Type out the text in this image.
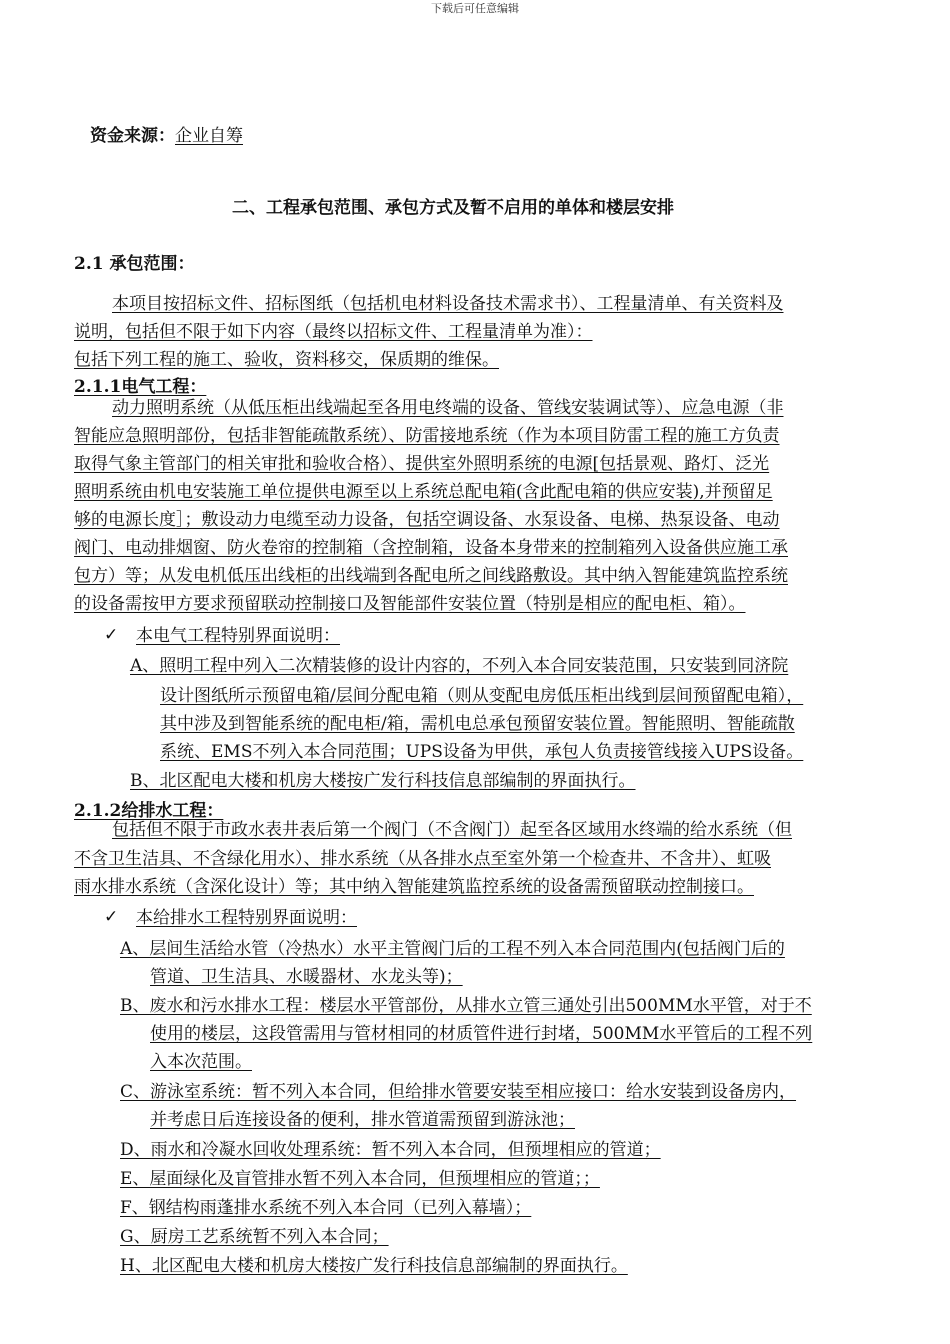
下载后可任意编辑
资金来源：企业自筹
二、工程承包范围、承包方式及暂不启用的单体和楼层安排
2.1 承包范围：
本项目按招标文件、招标图纸（包括机电材料设备技术需求书）、工程量清单、有关资料及
说明，包括但不限于如下内容（最终以招标文件、工程量清单为准）：
包括下列工程的施工、验收，资料移交，保质期的维保。
2.1.1电气工程：
动力照明系统（从低压柜出线端起至各用电终端的设备、管线安装调试等）、应急电源（非
智能应急照明部份，包括非智能疏散系统）、防雷接地系统（作为本项目防雷工程的施工方负责
取得气象主管部门的相关审批和验收合格）、提供室外照明系统的电源[包括景观、路灯、泛光
照明系统由机电安装施工单位提供电源至以上系统总配电箱(含此配电箱的供应安装),并预留足
够的电源长度］；敷设动力电缆至动力设备，包括空调设备、水泵设备、电梯、热泵设备、电动
阀门、电动排烟窗、防火卷帘的控制箱（含控制箱，设备本身带来的控制箱列入设备供应施工承
包方）等；从发电机低压出线柜的出线端到各配电所之间线路敷设。其中纳入智能建筑监控系统
的设备需按甲方要求预留联动控制接口及智能部件安装位置（特别是相应的配电柜、箱）。
✓ 本电气工程特别界面说明：
A、照明工程中列入二次精装修的设计内容的，不列入本合同安装范围，只安装到同济院
设计图纸所示预留电箱/层间分配电箱（则从变配电房低压柜出线到层间预留配电箱），
其中涉及到智能系统的配电柜/箱，需机电总承包预留安装位置。智能照明、智能疏散
系统、EMS不列入本合同范围；UPS设备为甲供，承包人负责接管线接入UPS设备。
B、北区配电大楼和机房大楼按广发行科技信息部编制的界面执行。
2.1.2给排水工程：
包括但不限于市政水表井表后第一个阀门（不含阀门）起至各区域用水终端的给水系统（但
不含卫生洁具、不含绿化用水）、排水系统（从各排水点至室外第一个检查井、不含井）、虹吸
雨水排水系统（含深化设计）等；其中纳入智能建筑监控系统的设备需预留联动控制接口。
✓ 本给排水工程特别界面说明：
A、层间生活给水管（冷热水）水平主管阀门后的工程不列入本合同范围内(包括阀门后的
管道、卫生洁具、水暖器材、水龙头等)；
B、废水和污水排水工程：楼层水平管部份，从排水立管三通处引出500MM水平管，对于不
使用的楼层，这段管需用与管材相同的材质管件进行封堵，500MM水平管后的工程不列
入本次范围。
C、游泳室系统：暂不列入本合同，但给排水管要安装至相应接口：给水安装到设备房内，
并考虑日后连接设备的便利，排水管道需预留到游泳池；
D、雨水和冷凝水回收处理系统：暂不列入本合同，但预埋相应的管道；
E、屋面绿化及盲管排水暂不列入本合同，但预埋相应的管道；；
F、钢结构雨蓬排水系统不列入本合同（已列入幕墙）；
G、厨房工艺系统暂不列入本合同；
H、北区配电大楼和机房大楼按广发行科技信息部编制的界面执行。
